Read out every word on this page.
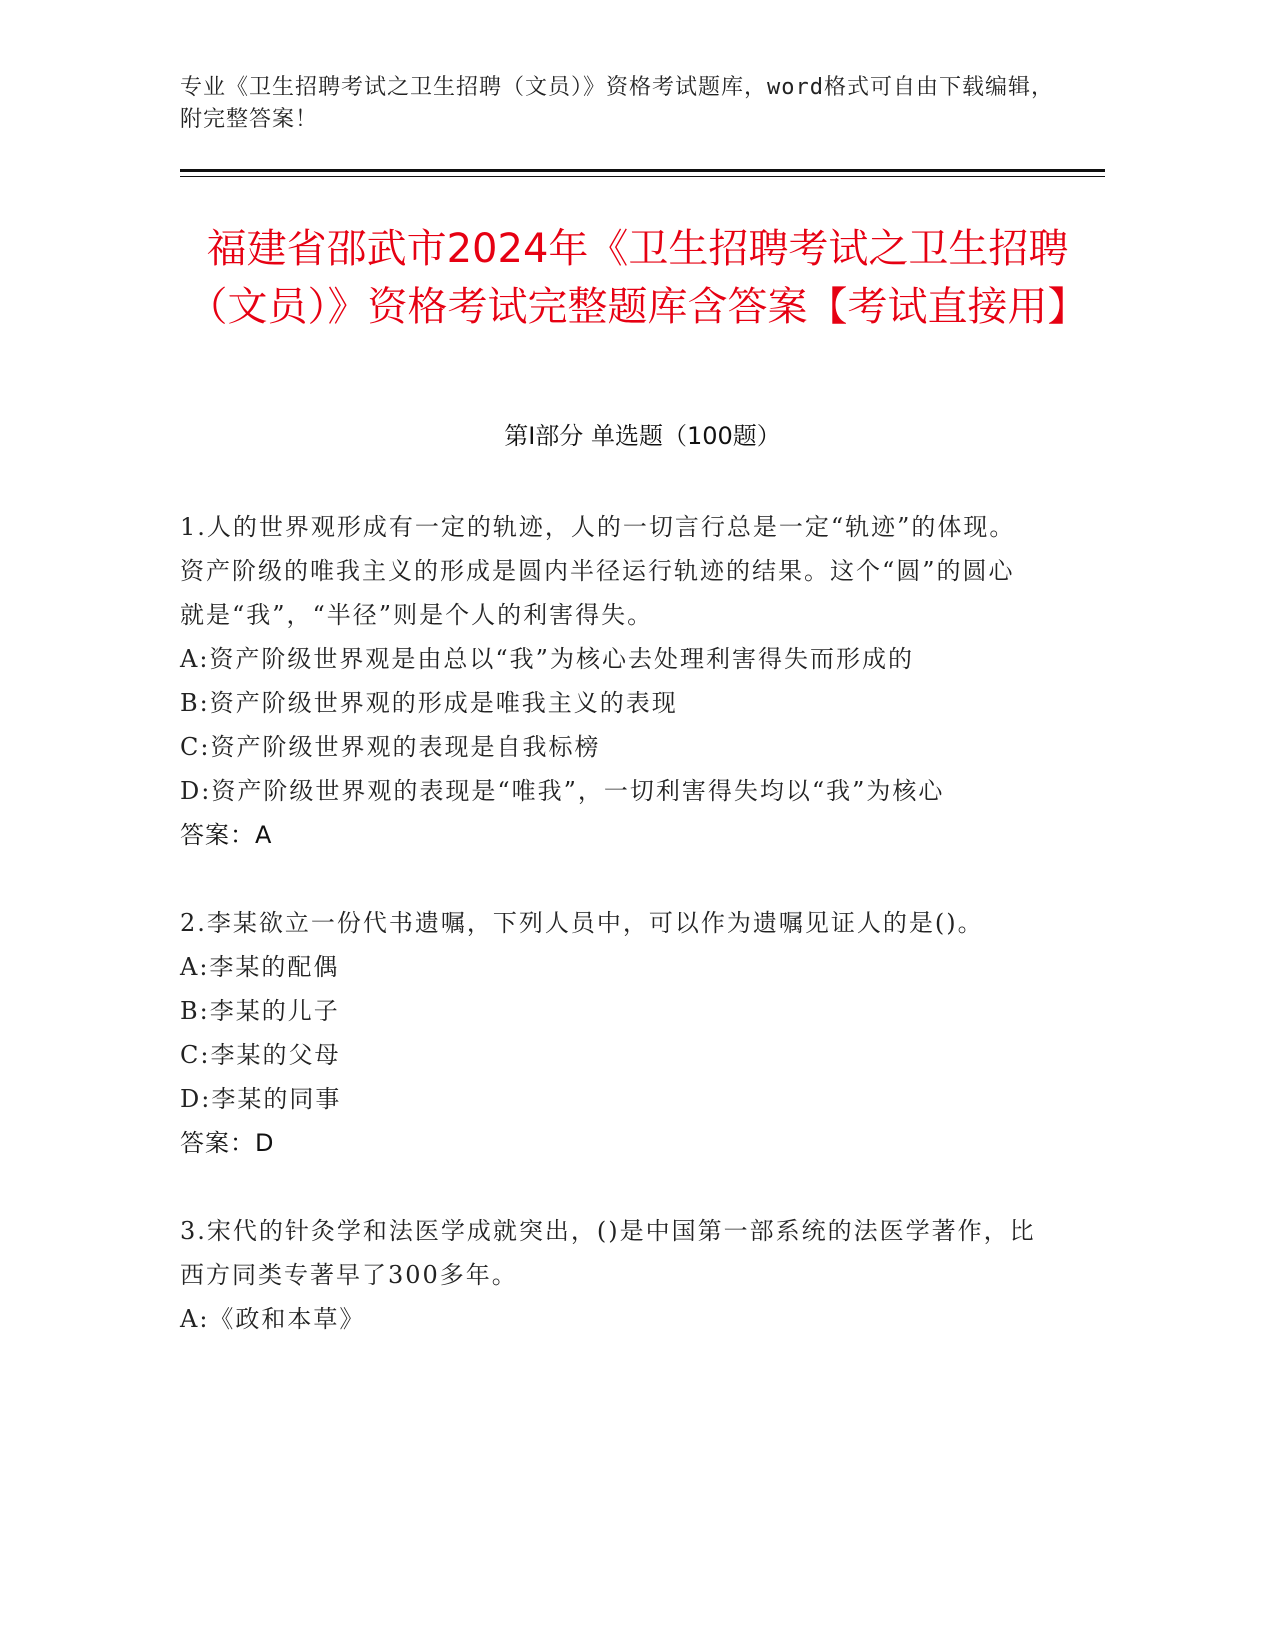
专业《卫生招聘考试之卫生招聘（文员）》资格考试题库，word格式可自由下载编辑，附完整答案！
福建省邵武市2024年《卫生招聘考试之卫生招聘（文员）》资格考试完整题库含答案【考试直接用】
第Ⅰ部分 单选题（100题）

1.人的世界观形成有一定的轨迹，人的一切言行总是一定“轨迹”的体现。资产阶级的唯我主义的形成是圆内半径运行轨迹的结果。这个“圆”的圆心就是“我”，“半径”则是个人的利害得失。

A:资产阶级世界观是由总以“我”为核心去处理利害得失而形成的

B:资产阶级世界观的形成是唯我主义的表现

C:资产阶级世界观的表现是自我标榜

D:资产阶级世界观的表现是“唯我”，一切利害得失均以“我”为核心

答案：A

2.李某欲立一份代书遗嘱，下列人员中，可以作为遗嘱见证人的是()。

A:李某的配偶

B:李某的儿子

C:李某的父母

D:李某的同事

答案：D

3.宋代的针灸学和法医学成就突出，()是中国第一部系统的法医学著作，比西方同类专著早了300多年。

A:《政和本草》
